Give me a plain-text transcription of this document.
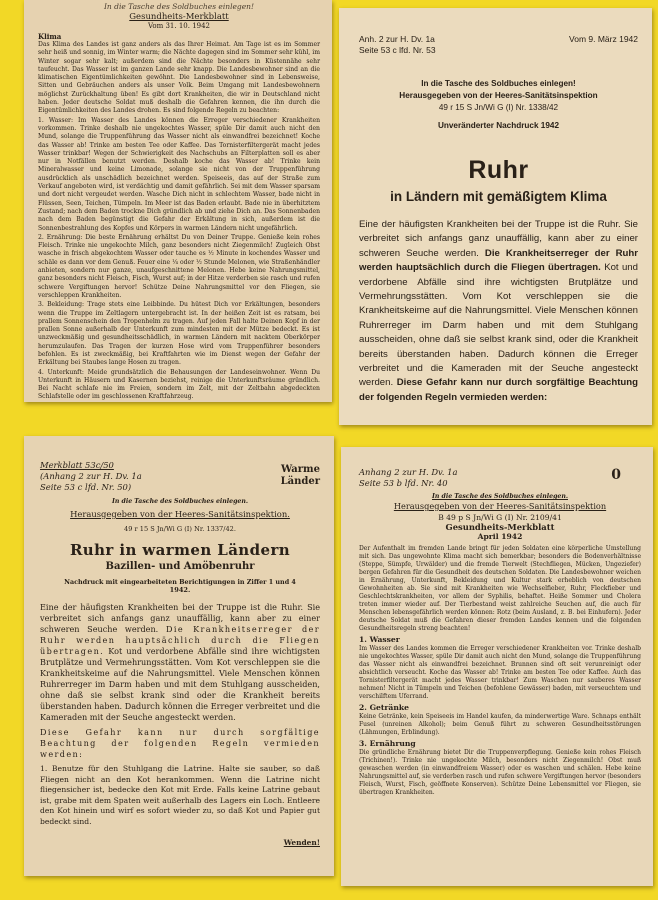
In die Tasche des Soldbuches einlegen!

Gesundheits-Merkblatt

Vom 31. 10. 1942

Klima

Das Klima des Landes ist ganz anders als das Ihrer Heimat. Am Tage ist es im Sommer sehr heiß und sonnig, im Winter warm; die Nächte dagegen sind im Sommer sehr kühl, im Winter sogar sehr kalt; außerdem sind die Nächte besonders in Küstennähe sehr taufeucht. Das Wasser ist im ganzen Lande sehr knapp. Die Landesbewohner sind an die klimatischen Eigentümlichkeiten gewöhnt. Die Landesbewohner sind in Lebensweise, Sitten und Gebräuchen anders als unser Volk. Beim Umgang mit Landesbewohnern möglichst Zurückhaltung üben! Es gibt dort Krankheiten, die wir in Deutschland nicht haben. Jeder deutsche Soldat muß deshalb die Gefahren kennen, die ihn durch die Eigentümlichkeiten des Landes drohen. Es sind folgende Regeln zu beachten:

1. Wasser: Im Wasser des Landes können die Erreger verschiedener Krankheiten vorkommen. Trinke deshalb nie ungekochtes Wasser, spüle Dir damit auch nicht den Mund, solange die Truppenführung das Wasser nicht als einwandfrei bezeichnet! Koche das Wasser ab! Trinke am besten Tee oder Kaffee. Das Tornisterfiltergerät macht jedes Wasser trinkbar! Wegen der Schwierigkeit des Nachschubs an Filterplatten soll es aber nur in Notfällen benutzt werden. Deshalb koche das Wasser ab! Trinke kein Mineralwasser und keine Limonade, solange sie nicht von der Truppenführung ausdrücklich als unschädlich bezeichnet werden. Speiseeis, das auf der Straße zum Verkauf angeboten wird, ist verdächtig und damit gefährlich. Sei mit dem Wasser sparsam und dort nicht vergeudet werden. Wasche Dich nicht in schlechtem Wasser, bade nicht in Flüssen, Seen, Teichen, Tümpeln. Im Meer ist das Baden erlaubt. Bade nie in überhitztem Zustand; nach dem Baden trockne Dich gründlich ab und ziehe Dich an. Das Sonnenbaden nach dem Baden begünstigt die Gefahr der Erkältung in sich, außerdem ist die Sonnenbestrahlung des Kopfes und Körpers in warmen Ländern nicht ungefährlich.

2. Ernährung: Die beste Ernährung erhältst Du von Deiner Truppe. Genieße kein rohes Fleisch. Trinke nie ungekochte Milch, ganz besonders nicht Ziegenmilch! Zugleich Obst wasche in frisch abgekochtem Wasser oder tauche es ½ Minute in kochendes Wasser und schäle es dann vor dem Genuß. Feuer eine ¼ oder ½ Stunde Melonen, wie Straßenhändler anbieten, sondern nur ganze, unaufgeschnittene Melonen. Hebe keine Nahrungsmittel, ganz besonders nicht Fleisch, Fisch, Wurst auf; in der Hitze verderben sie rasch und rufen schwere Vergiftungen hervor! Schütze Deine Nahrungsmittel vor den Fliegen, sie verschleppen Krankheiten.

3. Bekleidung: Trage stets eine Leibbinde. Du hütest Dich vor Erkältungen, besonders wenn die Truppe im Zeltlagern untergebracht ist. In der heißen Zeit ist es ratsam, bei prallem Sonnenschein den Tropenhelm zu tragen. Auf jeden Fall halte Deinen Kopf in der prallen Sonne außerhalb der Unterkunft zum mindesten mit der Mütze bedeckt. Es ist unzweckmäßig und gesundheitsschädlich, in warmen Ländern mit nacktem Oberkörper herumzulaufen. Das Tragen der kurzen Hose wird vom Truppenführer besonders befohlen. Es ist zweckmäßig, bei Kraftfahrten wie im Dienst wegen der Gefahr der Erkältung bei Staubes lange Hosen zu tragen.

4. Unterkunft: Meide grundsätzlich die Behausungen der Landeseinwohner. Wenn Du Unterkunft in Häusern und Kasernen beziehst, reinige die Unterkunftsräume gründlich. Bei Nacht schlafe nie im Freien, sondern im Zelt, mit der Zeltbahn abgedeckten Schlafstelle oder im geschlossenen Kraftfahrzeug.

Anh. 2 zur H. Dv. 1a
Seite 53 c lfd. Nr. 53
Vom 9. März 1942

In die Tasche des Soldbuches einlegen!

Herausgegeben von der Heeres-Sanitätsinspektion

49 r 15 S Jn/Wi G (I) Nr. 1338/42

Unveränderter Nachdruck 1942

Ruhr

in Ländern mit gemäßigtem Klima

Eine der häufigsten Krankheiten bei der Truppe ist die Ruhr. Sie verbreitet sich anfangs ganz unauffällig, kann aber zu einer schweren Seuche werden. Die Krankheitserreger der Ruhr werden hauptsächlich durch die Fliegen übertragen. Kot und verdorbene Abfälle sind ihre wichtigsten Brutplätze und Vermehrungsstätten. Vom Kot verschleppen sie die Krankheitskeime auf die Nahrungsmittel. Viele Menschen können Ruhrerreger im Darm haben und mit dem Stuhlgang ausscheiden, ohne daß sie selbst krank sind, oder die Krankheit bereits überstanden haben. Dadurch können die Erreger verbreitet und die Kameraden mit der Seuche angesteckt werden. Diese Gefahr kann nur durch sorgfältige Beachtung der folgenden Regeln vermieden werden:

Merkblatt 53c/50
(Anhang 2 zur H. Dv. 1a
Seite 53 c lfd. Nr. 50)
Warme
Länder

In die Tasche des Soldbuches einlegen.

Herausgegeben von der Heeres-Sanitätsinspektion.

49 r 15 S Jn/Wi G (I) Nr. 1337/42.

Ruhr in warmen Ländern

Bazillen- und Amöbenruhr

Nachdruck mit eingearbeiteten Berichtigungen in Ziffer 1 und 4

1942.

Eine der häufigsten Krankheiten bei der Truppe ist die Ruhr. Sie verbreitet sich anfangs ganz unauffällig, kann aber zu einer schweren Seuche werden. Die Krankheitserreger der Ruhr werden hauptsächlich durch die Fliegen übertragen. Kot und verdorbene Abfälle sind ihre wichtigsten Brutplätze und Vermehrungsstätten. Vom Kot verschleppen sie die Krankheitskeime auf die Nahrungsmittel. Viele Menschen können Ruhrerreger im Darm haben und mit dem Stuhlgang ausscheiden, ohne daß sie selbst krank sind oder die Krankheit bereits überstanden haben. Dadurch können die Erreger verbreitet und die Kameraden mit der Seuche angesteckt werden.

Diese Gefahr kann nur durch sorgfältige Beachtung der folgenden Regeln vermieden werden:

1. Benutze für den Stuhlgang die Latrine. Halte sie sauber, so daß Fliegen nicht an den Kot herankommen. Wenn die Latrine nicht fliegensicher ist, bedecke den Kot mit Erde. Falls keine Latrine gebaut ist, grabe mit dem Spaten weit außerhalb des Lagers ein Loch. Entleere den Kot hinein und wirf es sofort wieder zu, so daß Kot und Papier gut bedeckt sind.

Wenden!

Anhang 2 zur H. Dv. 1a
Seite 53 b lfd. Nr. 40	0

In die Tasche des Soldbuches einlegen.

Herausgegeben von der Heeres-Sanitätsinspektion

B 49 p S Jn/Wi G (I) Nr. 2109/41

Gesundheits-Merkblatt

April 1942

Der Aufenthalt im fremden Lande bringt für jeden Soldaten eine körperliche Umstellung mit sich. Das ungewohnte Klima macht sich bemerkbar; besonders die Bodenverhältnisse (Steppe, Sümpfe, Urwälder) und die fremde Tierwelt (Stechfliegen, Mücken, Ungeziefer) bergen Gefahren für die Gesundheit des deutschen Soldaten. Die Landesbewohner weichen in Ernährung, Unterkunft, Bekleidung und Kultur stark erheblich von deutschen Gewohnheiten ab. Sie sind mit Krankheiten wie Wechselfieber, Ruhr, Fleckfieber und Geschlechtskrankheiten, vor allem der Syphilis, behaftet. Heiße Sommer und Cholera treten immer wieder auf. Der Tierbestand weist zahlreiche Seuchen auf, die auch für Menschen lebensgefährlich werden können: Rotz (beim Ausland, z. B. bei Einhufern). Jeder deutsche Soldat muß die Gefahren dieser fremden Landes kennen und die folgenden Gesundheitsregeln streng beachten!

1. Wasser

Im Wasser des Landes kommen die Erreger verschiedener Krankheiten vor. Trinke deshalb nie ungekochtes Wasser, spüle Dir damit auch nicht den Mund, solange die Truppenführung das Wasser nicht als einwandfrei bezeichnet. Brunnen sind oft seit verunreinigt oder absichtlich verseucht. Koche das Wasser ab! Trinke am besten Tee oder Kaffee. Auch das Tornisterfiltergerät macht jedes Wasser trinkbar! Zum Waschen nur sauberes Wasser nehmen! Nicht in Tümpeln und Teichen (befohlene Gewässer) baden, mit verseuchtem und verschilftem Uferrand.

2. Getränke

Keine Getränke, kein Speiseeis im Handel kaufen, da minderwertige Ware. Schnaps enthält Fusel (unreinen Alkohol); beim Genuß führt zu schweren Gesundheitsstörungen (Lähmungen, Erblindung).

3. Ernährung

Die gründliche Ernährung bietet Dir die Truppenverpflegung. Genieße kein rohes Fleisch (Trichinen!). Trinke nie ungekochte Milch, besonders nicht Ziegenmilch! Obst muß gewaschen werden (in einwandfreiem Wasser) oder es waschen und schälen. Hebe keine Nahrungsmittel auf, sie verderben rasch und rufen schwere Vergiftungen hervor (besonders Fleisch, Wurst, Fisch, geöffnete Konserven). Schütze Deine Lebensmittel vor Fliegen, sie übertragen Krankheiten.
